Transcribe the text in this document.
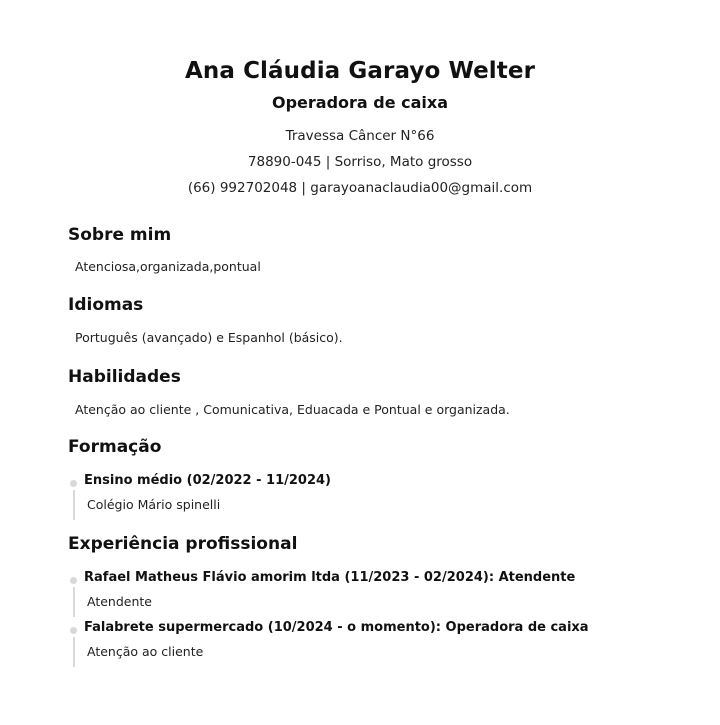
Ana Cláudia Garayo Welter
Operadora de caixa

Travessa Câncer N°66

78890-045 | Sorriso, Mato grosso

(66) 992702048 | garayoanaclaudia00@gmail.com

Sobre mim

Atenciosa,organizada,pontual

Idiomas

Português (avançado) e Espanhol (básico).

Habilidades

Atenção ao cliente , Comunicativa, Eduacada e Pontual e organizada.

Formação

Ensino médio (02/2022 - 11/2024)

Colégio Mário spinelli

Experiência profissional

Rafael Matheus Flávio amorim ltda (11/2023 - 02/2024): Atendente

Atendente

Falabrete supermercado (10/2024 - o momento): Operadora de caixa

Atenção ao cliente
